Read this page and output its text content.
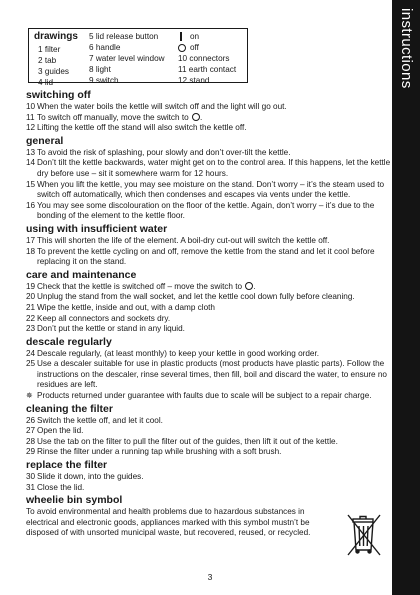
instructions
drawings
1 filter
2 tab
3 guides
4 lid
5 lid release button
6 handle
7 water level window
8 light
9 switch
on
off
10 connectors
11 earth contact
12 stand
switching off
10 When the water boils the kettle will switch off and the light will go out.
11 To switch off manually, move the switch to .
12 Lifting the kettle off the stand will also switch the kettle off.
general
13 To avoid the risk of splashing, pour slowly and don’t over-tilt the kettle.
14 Don’t tilt the kettle backwards, water might get on to the control area. If this happens, let the kettle dry before use – sit it somewhere warm for 12 hours.
15 When you lift the kettle, you may see moisture on the stand. Don’t worry – it’s the steam used to switch off automatically, which then condenses and escapes via vents under the kettle.
16 You may see some discolouration on the floor of the kettle. Again, don’t worry – it’s due to the bonding of the element to the kettle floor.
using with insufficient water
17 This will shorten the life of the element. A boil-dry cut-out will switch the kettle off.
18 To prevent the kettle cycling on and off, remove the kettle from the stand and let it cool before replacing it on the stand.
care and maintenance
19 Check that the kettle is switched off – move the switch to .
20 Unplug the stand from the wall socket, and let the kettle cool down fully before cleaning.
21 Wipe the kettle, inside and out, with a damp cloth
22 Keep all connectors and sockets dry.
23 Don’t put the kettle or stand in any liquid.
descale regularly
24 Descale regularly, (at least monthly) to keep your kettle in good working order.
25 Use a descaler suitable for use in plastic products (most products have plastic parts). Follow the instructions on the descaler, rinse several times, then fill, boil and discard the water, to ensure no residues are left.
✵ Products returned under guarantee with faults due to scale will be subject to a repair charge.
cleaning the filter
26 Switch the kettle off, and let it cool.
27 Open the lid.
28 Use the tab on the filter to pull the filter out of the guides, then lift it out of the kettle.
29 Rinse the filter under a running tap while brushing with a soft brush.
replace the filter
30 Slide it down, into the guides.
31 Close the lid.
wheelie bin symbol
To avoid environmental and health problems due to hazardous substances in electrical and electronic goods, appliances marked with this symbol mustn’t be disposed of with unsorted municipal waste, but recovered, reused, or recycled.
3
